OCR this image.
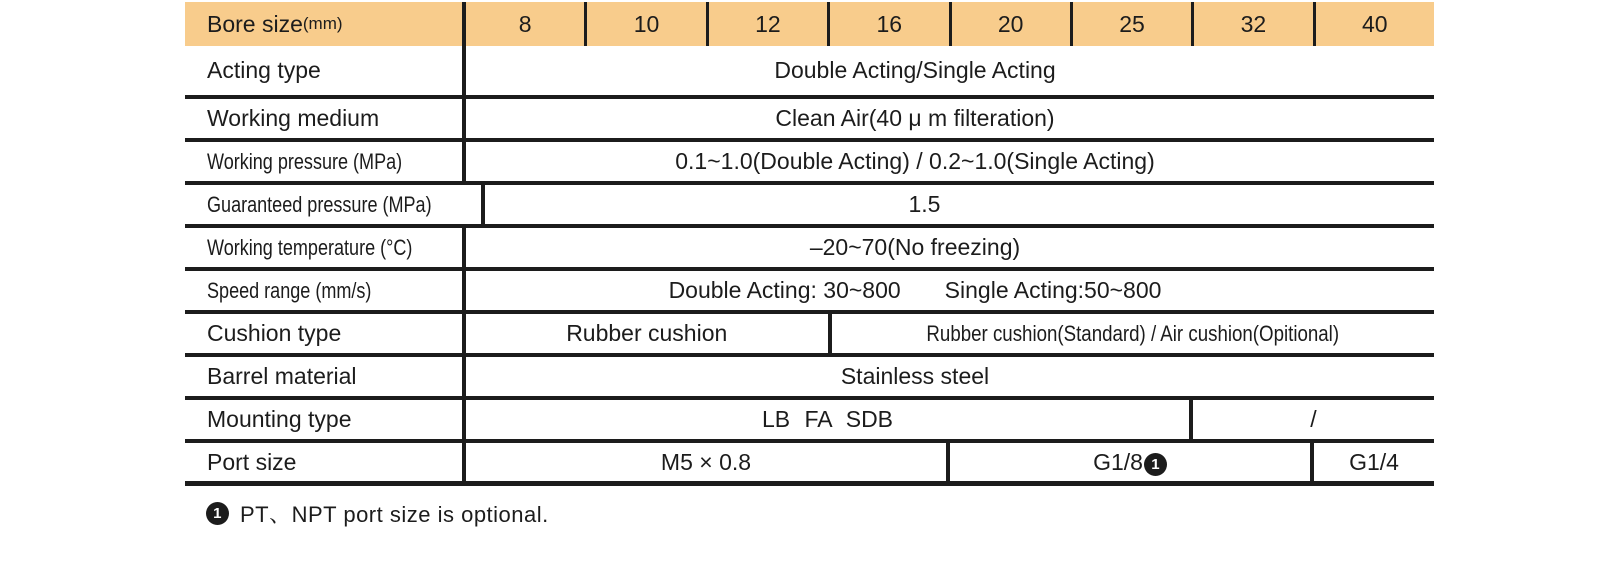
Bore size (mm)	8	10	12	16	20	25	32	40
Acting type	Double Acting/Single Acting
Working medium	Clean Air(40 μ m filteration)
Working pressure (MPa)	0.1~1.0(Double Acting) / 0.2~1.0(Single Acting)
Guaranteed pressure (MPa)	1.5
Working temperature (°C)	–20~70(No freezing)
Speed range (mm/s)	Double Acting: 30~800 Single Acting:50~800
Cushion type	Rubber cushion	Rubber cushion(Standard) / Air cushion(Opitional)
Barrel material	Stainless steel
Mounting type	LB FA SDB	/
Port size	M5 × 0.8	G1/8 1	G1/4
1 PT、NPT port size is optional.
